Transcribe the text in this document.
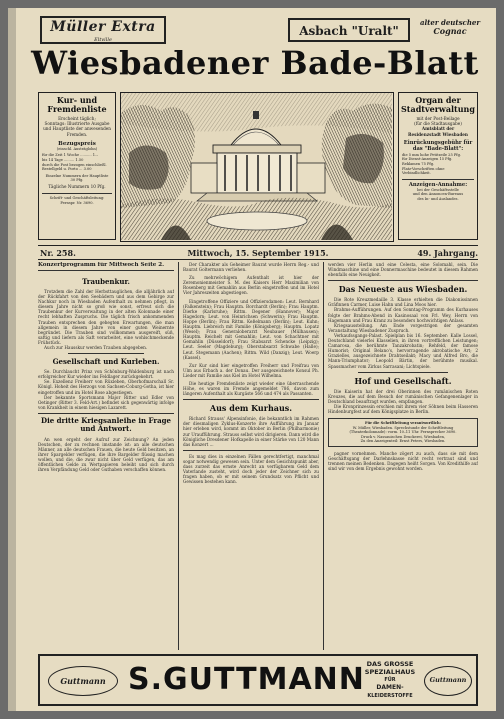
Müller Extra
Eltville
Asbach "Uralt"
alter deutscher
Cognac
Wiesbadener Bade-Blatt
Kur- und
Fremdenliste
Erscheint täglich;
Sonntags: Illustrierte Ausgabe
und Hauptliste der anwesenden
Fremden.
Bezugspreis
(einschl. Austräglohn)
für die Zeit 1 Woche .......... 1.–
bis 14 Tage ......... 1.50
durch die Post bezogen einschließl.
Bestellgeld u. Porto ... 3.00
Einzelne Nummern der Hauptliste
30 Pfg.
Tägliche Nummern 10 Pfg.
Schrift- und Geschäftsleitung:
Fernspr. Nr. 3690.
Organ der
Stadtverwaltung
mit der Post-Beilage
(für die Stadtausgabe)
Amtsblatt der
Residenzstadt Wiesbaden
Einrückungsgebühr für
das "Bade-Blatt":
die 5 mm hohe Petitzeile 25 Pfg.
für Dienst-Anzeigen 15 Pfg.
Reklamen 75 Pfg.
Platz-Vorschriften ohne
Verbindlichkeit.
Anzeigen-Annahme:
bei der Geschäftsstelle
und den Annoncen-Bureaus
des In- und Auslandes.
Nr. 258.	Mittwoch, 15. September 1915.	49. Jahrgang.
Konzertprogramm für Mittwoch Seite 2.
Traubenkur.
Trotzdem die Zahl der Herbsttauglichen, die alljährlich auf der Rückfahrt von den Seebädern und aus dem Gebirge zur Nachkur noch in Wiesbaden Aufenthalt zu nehmen pflegt, in diesem Jahre nicht so groß wie sonst, erfreut sich die Traubenkur der Kurverwaltung in der alten Kolonnade einer recht lebhaften Zuspruchs. Die täglich frisch ankommenden Trauben entsprechen den gehegten Erwartungen, die man allgemein in diesem Jahre von einer guten Weinernte begründet. Die Trauben sind vollkommen ausgereift, süß, saftig und liefern als Saft verarbeitet, eine wohlschmeckende Frühstück.
Auch zur Hausskur werden Trauben abgegeben.
Gesellschaft und Kurleben.
Se. Durchlaucht Prinz von Schönburg-Waldenburg ist nach erfolgreicher Kur wieder ins Feldlager zurückgekehrt.
Se. Exzellenz Freiherr von Rüxleben, Oberhofmarschall Sr. Königl. Hoheit des Herzogs von Sachsen-Coburg-Gotha, ist hier eingetroffen und im Hotel Rose abgestiegen.
Der bekannte Sportsmann Major Ritter und Edler von Oetinger (Ritter 3. Feld-Art.) befindet sich gegenwärtig infolge von Krankheit in einem hiesigen Lazarett.
Die dritte Kriegsanleihe in Frage und Antwort.
An wen ergeht der Aufruf zur Zeichnung? An jeden Deutschen, der zu rechnen imstande ist: an alle deutschen Männer, an alle deutschen Frauen, die heute Geld besitzen, an ihrer Spargelder verfügen, die ihre Bargelder flüssig machen wollen, und die, die zwar nicht über Geld verfügen, das am öffentlichen Gelde zu Wertpapieren beleiht und sich durch ihren Verpfändung Geld oder Guthaben verschaffen können.
Der Charakter als Geheimer Baurat wurde Herrn Reg.- und Baurat Goltermann verliehen.
Zu mehrwöchigem Aufenthalt ist hier der Zeremonienmeister S. M. des Kaisers Herr Maximilian von Rosenberg mit Gemahlin aus Berlin eingetroffen und im Hotel Vier Jahreszeiten abgestiegen.
Eingetroffene Offiziere und Offiziersdamen: Leut. Bernhard (Falkenstein); Frau Hauptm. Borchardt (Berlin); Frau Hauptm. Dierke (Karlsruhe); Rittm. Degener (Hannover); Major Hagedorn; Leut. von Heinrichsen (Schwerin); Frau Hauptm. Hoppe (Berlin); Frau Rittm. Keßelmann (Berlin); Leut. Kuhn; Hauptm. Liebreich mit Familie (Königsberg); Hauptm. Lopatz (Wesel); Frau Generaloberarzt Neubauer (Mülhausen); Hauptm. Reichelt mit Gemahlin; Leut. von Schachtner mit Gemahlin (Düsseldorf); Frau Stabsarzt Schencke (Leipzig); Leut. Seeler (Magdeburg); Oberstabsarzt Schwabe (Halle); Leut. Stegemann (Aachen); Rittm. Wild (Danzig); Leut. Woerp (Kassel).
Zur Kur sind hier eingetroffen Freiherr und Freifrau von Ulm aus Erbach a. der Donau. Der ausgezeichnete Konsul Ph. Lieder mit Familie aus Kiel im Hotel Wilhelma.
Die heutige Fremdenliste zeigt wieder eine überraschende Höhe, es waren im Fremde angemeldet 786, davon zum längeren Aufenthalt als Kurgäste 566 und 474 als Passanten.
Aus dem Kurhaus.
Richard Strauss' Alpensinfonie, die bekanntlich im Rahmen der diesmaligen Zyklus-Konzerte ihre Aufführung im Januar hier erleben wird, kommt im Oktober in Berlin (Philharmonie) zur Uraufführung. Strauss selbst wird dirigieren. Dann wird die Königliche Dresdener Hofkapelle in einer Stärke von 120 Mann das Konzert ...
Es mag dies in einzelnen Fällen gerechtfertigt, manchmal sogar notwendig gewesen sein. Unter dem Gesichtspunkt aber, dass zurzeit das ernste Anrecht an verfügbarem Geld dem Vaterlande zusteht, wird doch jeder der Zeichner sich zu fragen haben, ob er mit seinem Grundsatz von Pflicht und Gewissen bestehen kann.
werden vier Herlin und eine Celesta, eine Solomahl, sein. Die Windmaschine und eine Donnermaschine bedeutet in diesem Rahmen ebenfalls eine Neuigkeit.
Das Neueste aus Wiesbaden.
Die Rote Kreuzmedaille 3. Klasse erhielten die Diakonissinnen Gräfinnen Carmer, Luise Hahn und Lina Moos hier.
Brahms-Aufführungen. Auf den Sonntag-Programm des Kurhauses folgte der Brahms-Abend in Kasinosaal von Frl. Wey, Herrn von Hagemann und Frau Kranz zu besonders hochwichtigen Anlass.
Kriegsausstellung. Am Ende vorgestrigen der gesamten Veranstaltung Wiesbadener Zuspruch.
Verkaufssgangs-Palast. Spielplan bis 16. September: Kalle Lossel, Deutschland vielerlei Klasselien, in ihren vortrefflichen Leistungen; Camarosa, die berühmte Tanzakrobatin; Rehfeld, der famose Humorist; Original Belano's, hervorragende akrobatische Art; 2 Grazielles, ausgezeichnete Drahtseilakt; Macy und Alfred Bro, die Mann-Triumphator; Leopold Bärtin, der berühmte musikal. Spassmacher vom Zirkus Sarrasani; Lichtspiele.
Hof und Gesellschaft.
Die Kaiserin hat der drei Oberinnen des rumänischen Roten Kreuzes, die auf dem Besuch der rumänischen Gefangenenlager in Deutschland beauftragt wurden, empfangen.
Die Kronprinzessin erschien mit ihrem vier Söhnen beim Hasseren Hindenburgfest auf dem Königsplatze in Berlin.
Für die Schriftleitung verantwortlich:
W. Müller, Wiesbaden. Sprechstunde der Schriftleitung
(Theaterkolonnade): vorm. 10–11 Uhr. Fernsprecher 3690.
Druck v. Nassauischen Druckerei, Wiesbaden,
Zu den Anzeigenteil: Ernst Peters, Wiesbaden.
pagner vornehmen. Manche zögert zu auch, dass sie mit dem Geschäftsgang der Darlehnskasse nicht recht vertraut sind und trennen meinen Bedenken. Dagegen heißt Sorgen. Von Kredithilfe auf sind wir von dem Ergebnis gewohnt worden.
Guttmann S.GUTTMANN DAS GROSSE
SPEZIALHAUS
FÜR
DAMEN-
KLEIDERSTOFFE
Guttmann
